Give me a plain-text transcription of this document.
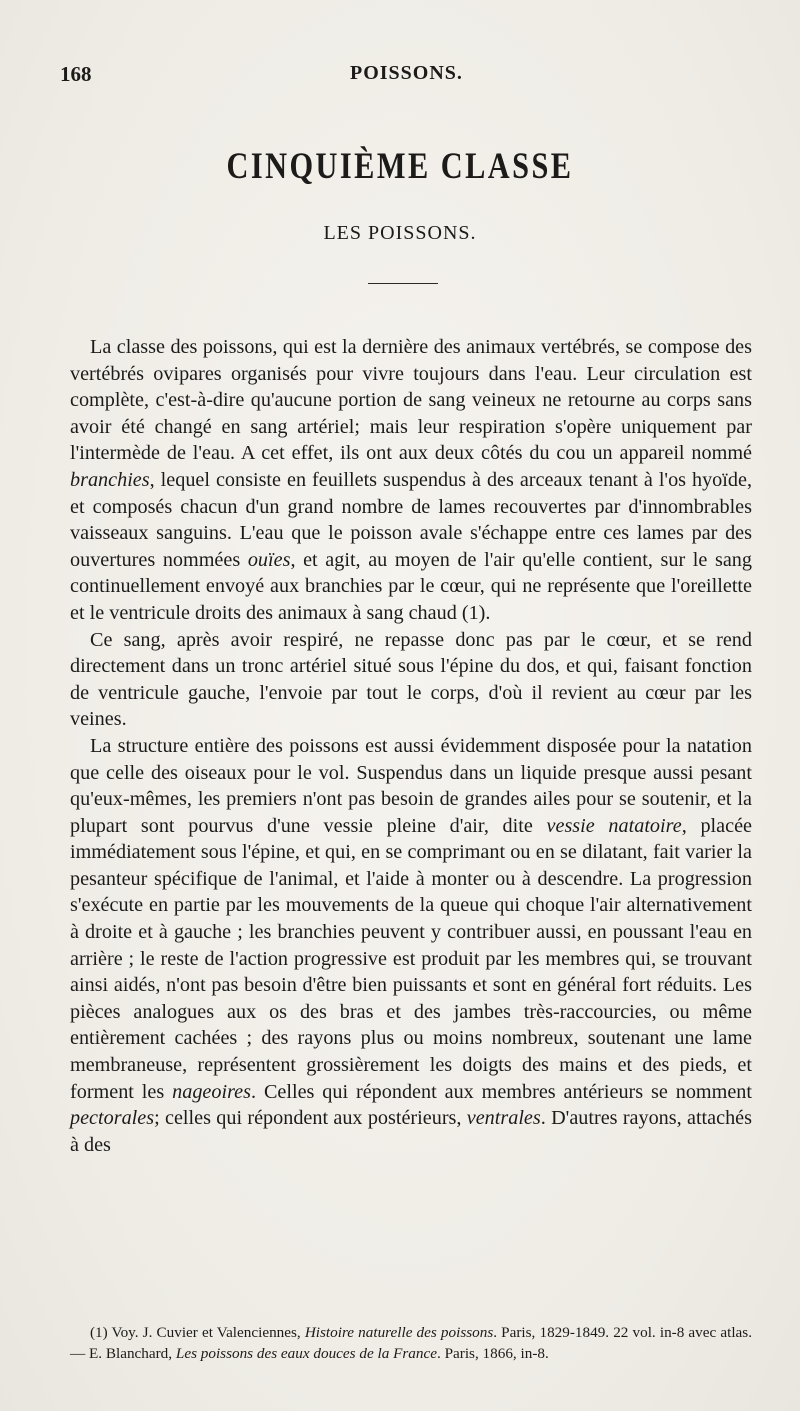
168	POISSONS.
CINQUIÈME CLASSE
LES POISSONS.

La classe des poissons, qui est la dernière des animaux vertébrés, se compose des vertébrés ovipares organisés pour vivre toujours dans l'eau. Leur circulation est complète, c'est-à-dire qu'aucune portion de sang veineux ne retourne au corps sans avoir été changé en sang artériel; mais leur respiration s'opère uniquement par l'intermède de l'eau. A cet effet, ils ont aux deux côtés du cou un appareil nommé branchies, lequel consiste en feuillets suspendus à des arceaux tenant à l'os hyoïde, et composés chacun d'un grand nombre de lames recouvertes par d'innombrables vaisseaux sanguins. L'eau que le poisson avale s'échappe entre ces lames par des ouvertures nommées ouïes, et agit, au moyen de l'air qu'elle contient, sur le sang continuellement envoyé aux branchies par le cœur, qui ne représente que l'oreillette et le ventricule droits des animaux à sang chaud (1).

Ce sang, après avoir respiré, ne repasse donc pas par le cœur, et se rend directement dans un tronc artériel situé sous l'épine du dos, et qui, faisant fonction de ventricule gauche, l'envoie par tout le corps, d'où il revient au cœur par les veines.

La structure entière des poissons est aussi évidemment disposée pour la natation que celle des oiseaux pour le vol. Suspendus dans un liquide presque aussi pesant qu'eux-mêmes, les premiers n'ont pas besoin de grandes ailes pour se soutenir, et la plupart sont pourvus d'une vessie pleine d'air, dite vessie natatoire, placée immédiatement sous l'épine, et qui, en se comprimant ou en se dilatant, fait varier la pesanteur spécifique de l'animal, et l'aide à monter ou à descendre. La progression s'exécute en partie par les mouvements de la queue qui choque l'air alternativement à droite et à gauche ; les branchies peuvent y contribuer aussi, en poussant l'eau en arrière ; le reste de l'action progressive est produit par les membres qui, se trouvant ainsi aidés, n'ont pas besoin d'être bien puissants et sont en général fort réduits. Les pièces analogues aux os des bras et des jambes très-raccourcies, ou même entièrement cachées ; des rayons plus ou moins nombreux, soutenant une lame membraneuse, représentent grossièrement les doigts des mains et des pieds, et forment les nageoires. Celles qui répondent aux membres antérieurs se nomment pectorales; celles qui répondent aux postérieurs, ventrales. D'autres rayons, attachés à des

(1) Voy. J. Cuvier et Valenciennes, Histoire naturelle des poissons. Paris, 1829-1849. 22 vol. in-8 avec atlas. — E. Blanchard, Les poissons des eaux douces de la France. Paris, 1866, in-8.
